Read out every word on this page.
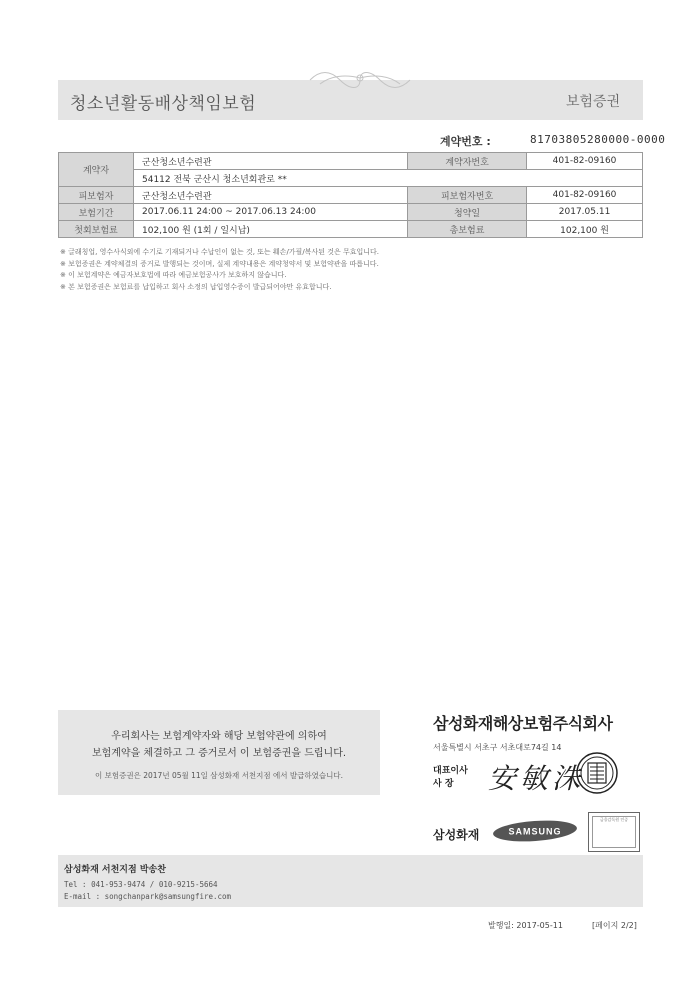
청소년활동배상책임보험	보험증권
계약번호 :	81703805280000-0000
계약자	군산청소년수련관	계약자번호	401-82-09160
	54112 전북 군산시 청소년회관로 **		
피보험자	군산청소년수련관	피보험자번호	401-82-09160
보험기간	2017.06.11 24:00 ~ 2017.06.13 24:00	청약일	2017.05.11
첫회보험료	102,100 원 (1회 / 일시납)	총보험료	102,100 원
※ 글래칭업, 영수사식외에 수기로 기재되거나 수납인이 없는 것, 또는 훼손/가필/복사된 것은 무효입니다.
※ 보험증권은 계약체결의 증거로 발행되는 것이며, 실제 계약내용은 계약청약서 및 보험약관을 따릅니다.
※ 이 보험계약은 예금자보호법에 따라 예금보험공사가 보호하지 않습니다.
※ 본 보험증권은 보험료를 납입하고 회사 소정의 납입영수증이 발급되어야만 유효합니다.
우리회사는 보험계약자와 해당 보험약관에 의하여
보험계약을 체결하고 그 증거로서 이 보험증권을 드립니다.
이 보험증권은 2017년 05월 11일 삼성화재 서천지점 에서 발급하였습니다.
삼성화재해상보험주식회사
서울특별시 서초구 서초대로74길 14
대표이사
사 장	安敏洙
삼성화재	SAMSUNG
금융감독원 인증
삼성화재 서천지점 박송찬
Tel : 041-953-9474 / 010-9215-5664
E-mail : songchanpark@samsungfire.com
발행일: 2017-05-11	[페이지 2/2]
